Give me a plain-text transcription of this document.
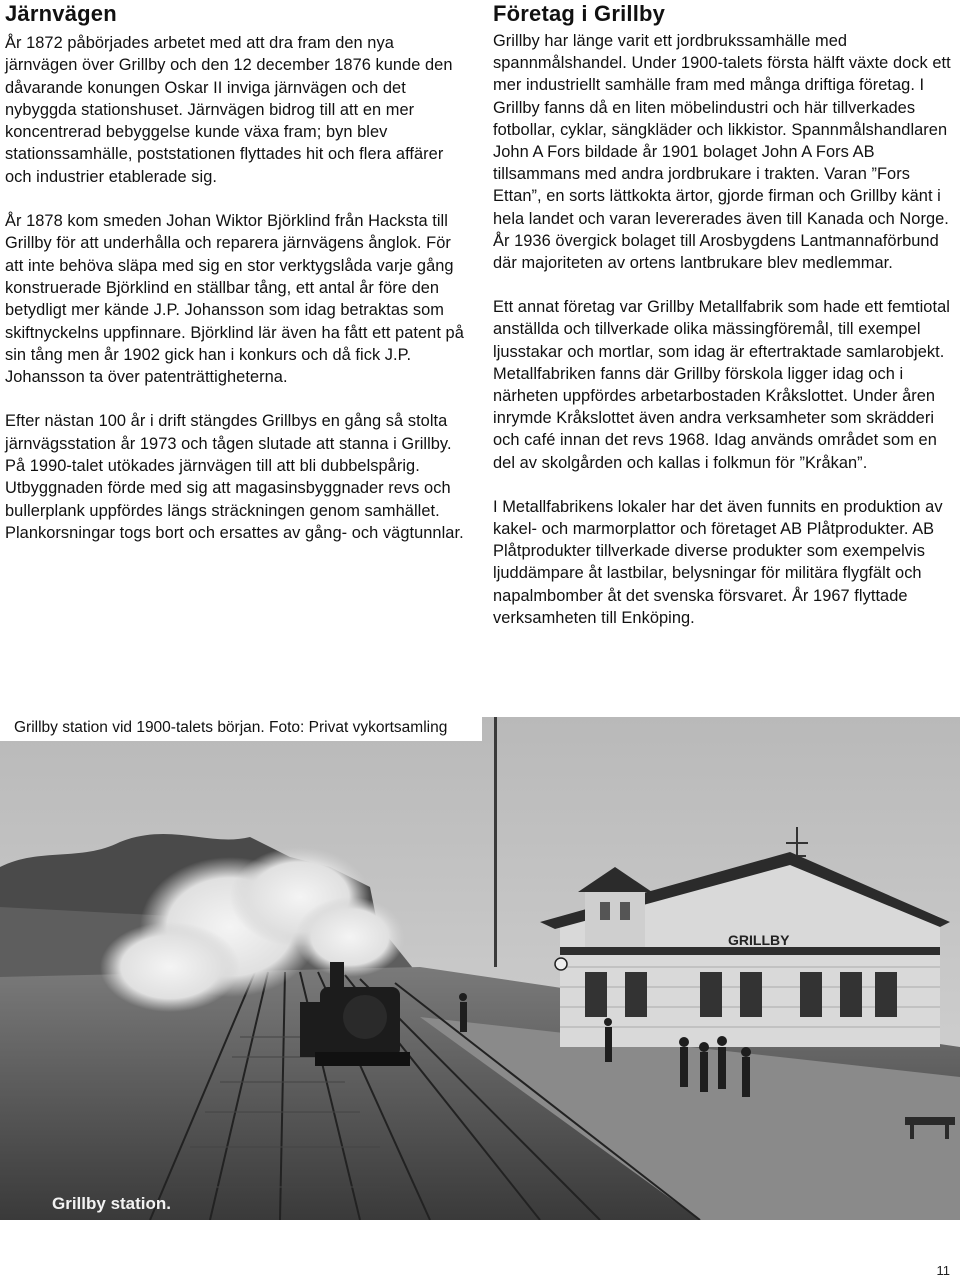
Järnvägen

År 1872 påbörjades arbetet med att dra fram den nya järnvägen över Grillby och den 12 december 1876 kunde den dåvarande konungen Oskar II inviga järnvägen och det nybyggda stationshuset. Järnvägen bidrog till att en mer koncentrerad bebyggelse kunde växa fram; byn blev stationssamhälle, poststationen flyttades hit och flera affärer och industrier etablerade sig.

År 1878 kom smeden Johan Wiktor Björklind från Hacksta till Grillby för att underhålla och reparera järnvägens ånglok. För att inte behöva släpa med sig en stor verktygslåda varje gång konstruerade Björklind en ställbar tång, ett antal år före den betydligt mer kände J.P. Johansson som idag betraktas som skiftnyckelns uppfinnare. Björklind lär även ha fått ett patent på sin tång men år 1902 gick han i konkurs och då fick J.P. Johansson ta över patenträttigheterna.

Efter nästan 100 år i drift stängdes Grillbys en gång så stolta järnvägsstation år 1973 och tågen slutade att stanna i Grillby. På 1990-talet utökades järnvägen till att bli dubbelspårig. Utbyggnaden förde med sig att magasinsbyggnader revs och bullerplank uppfördes längs sträckningen genom samhället. Plankorsningar togs bort och ersattes av gång- och vägtunnlar.

Företag i Grillby

Grillby har länge varit ett jordbrukssamhälle med spannmålshandel. Under 1900-talets första hälft växte dock ett mer industriellt samhälle fram med många driftiga företag. I Grillby fanns då en liten möbelindustri och här tillverkades fotbollar, cyklar, sängkläder och likkistor. Spannmålshandlaren John A Fors bildade år 1901 bolaget John A Fors AB tillsammans med andra jordbrukare i trakten. Varan ”Fors Ettan”, en sorts lättkokta ärtor, gjorde firman och Grillby känt i hela landet och varan levererades även till Kanada och Norge. År 1936 övergick bolaget till Arosbygdens Lantmannaförbund där majoriteten av ortens lantbrukare blev medlemmar.

Ett annat företag var Grillby Metallfabrik som hade ett femtiotal anställda och tillverkade olika mässingföremål, till exempel ljusstakar och mortlar, som idag är eftertraktade samlarobjekt. Metallfabriken fanns där Grillby förskola ligger idag och i närheten uppfördes arbetarbostaden Kråkslottet. Under åren inrymde Kråkslottet även andra verksamheter som skrädderi och café innan det revs 1968. Idag används området som en del av skolgården och kallas i folkmun för ”Kråkan”.

I Metallfabrikens lokaler har det även funnits en produktion av kakel- och marmorplattor och företaget AB Plåtprodukter. AB Plåtprodukter tillverkade diverse produkter som exempelvis ljuddämpare åt lastbilar, belysningar för militära flygfält och napalmbomber åt det svenska försvaret. År 1967 flyttade verksamheten till Enköping.

GRILLBY
Grillby station.
Grillby station vid 1900-talets början. Foto: Privat vykortsamling
11
